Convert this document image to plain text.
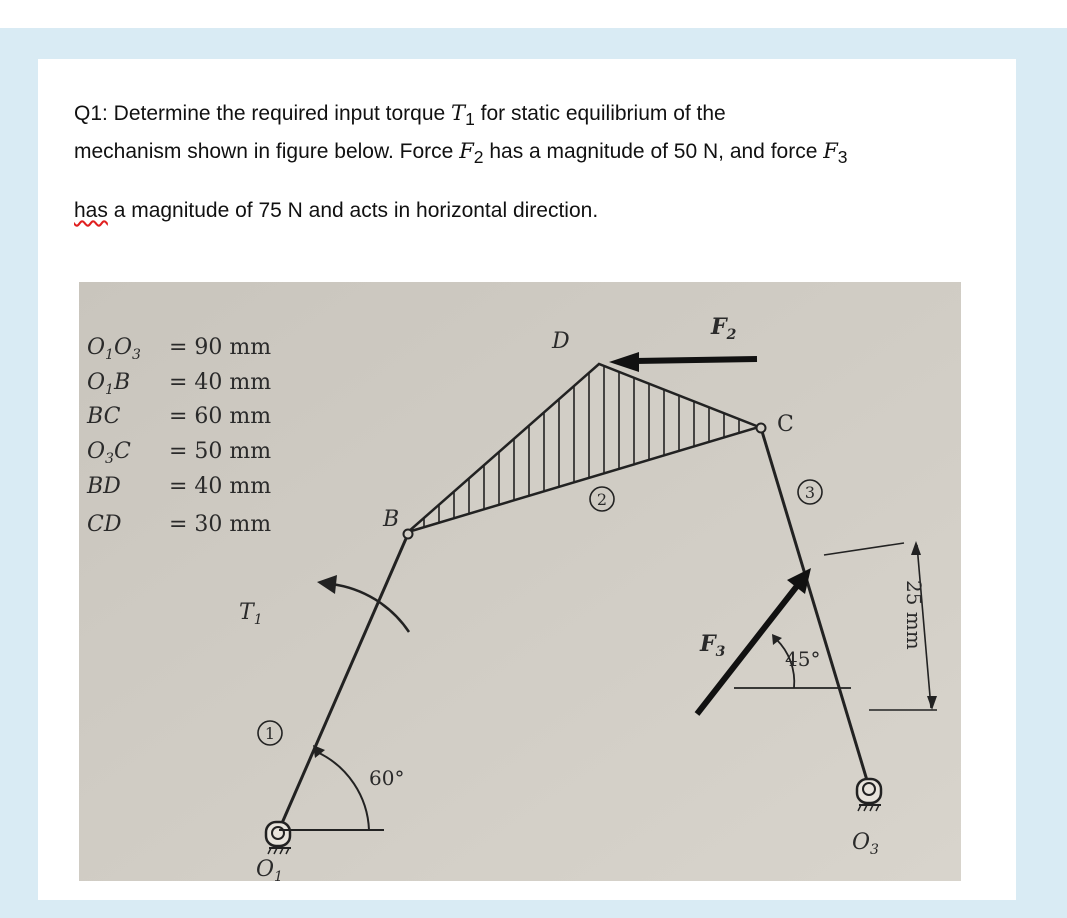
Q1: Determine the required input torque $T_1$ for static equilibrium of the
mechanism shown in figure below. Force $F_2$ has a magnitude of 50 N, and force $F_3$
has a magnitude of 75 N and acts in horizontal direction.
$O_1O_3$
$O_1B$
BC
$O_3C$
BD
CD
= 90 mm
= 40 mm
= 60 mm
= 50 mm
= 40 mm
= 30 mm
D
B
$T_1$
$O_1$
$O_3$
C
$F_2$
$F_3$
60°
45°
25 mm
1
2	3
